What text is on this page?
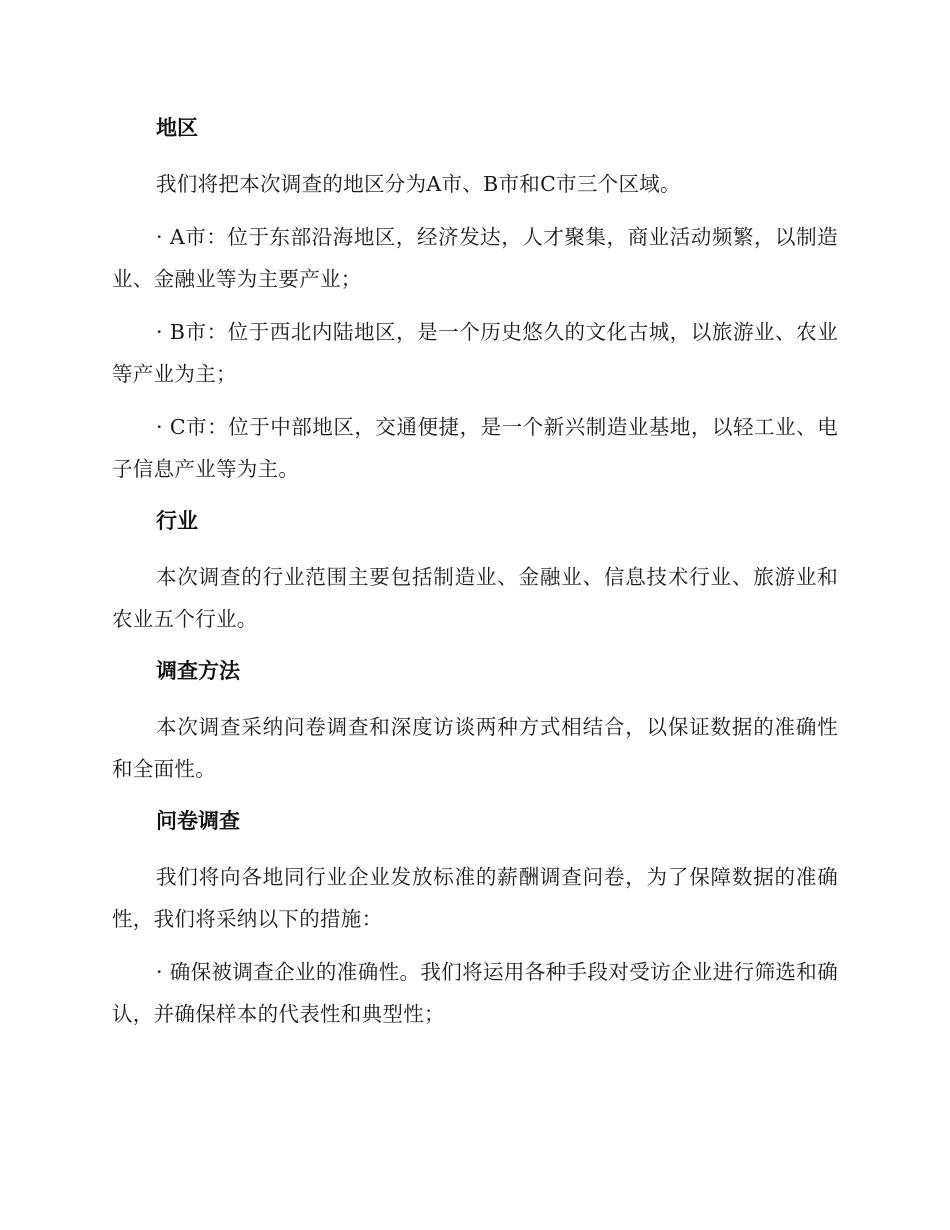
地区

我们将把本次调查的地区分为A市、B市和C市三个区域。

· A市：位于东部沿海地区，经济发达，人才聚集，商业活动频繁，以制造业、金融业等为主要产业；

· B市：位于西北内陆地区，是一个历史悠久的文化古城，以旅游业、农业等产业为主；

· C市：位于中部地区，交通便捷，是一个新兴制造业基地，以轻工业、电子信息产业等为主。

行业

本次调查的行业范围主要包括制造业、金融业、信息技术行业、旅游业和农业五个行业。

调查方法

本次调查采纳问卷调查和深度访谈两种方式相结合，以保证数据的准确性和全面性。

问卷调查

我们将向各地同行业企业发放标准的薪酬调查问卷，为了保障数据的准确性，我们将采纳以下的措施：

· 确保被调查企业的准确性。我们将运用各种手段对受访企业进行筛选和确认，并确保样本的代表性和典型性；
